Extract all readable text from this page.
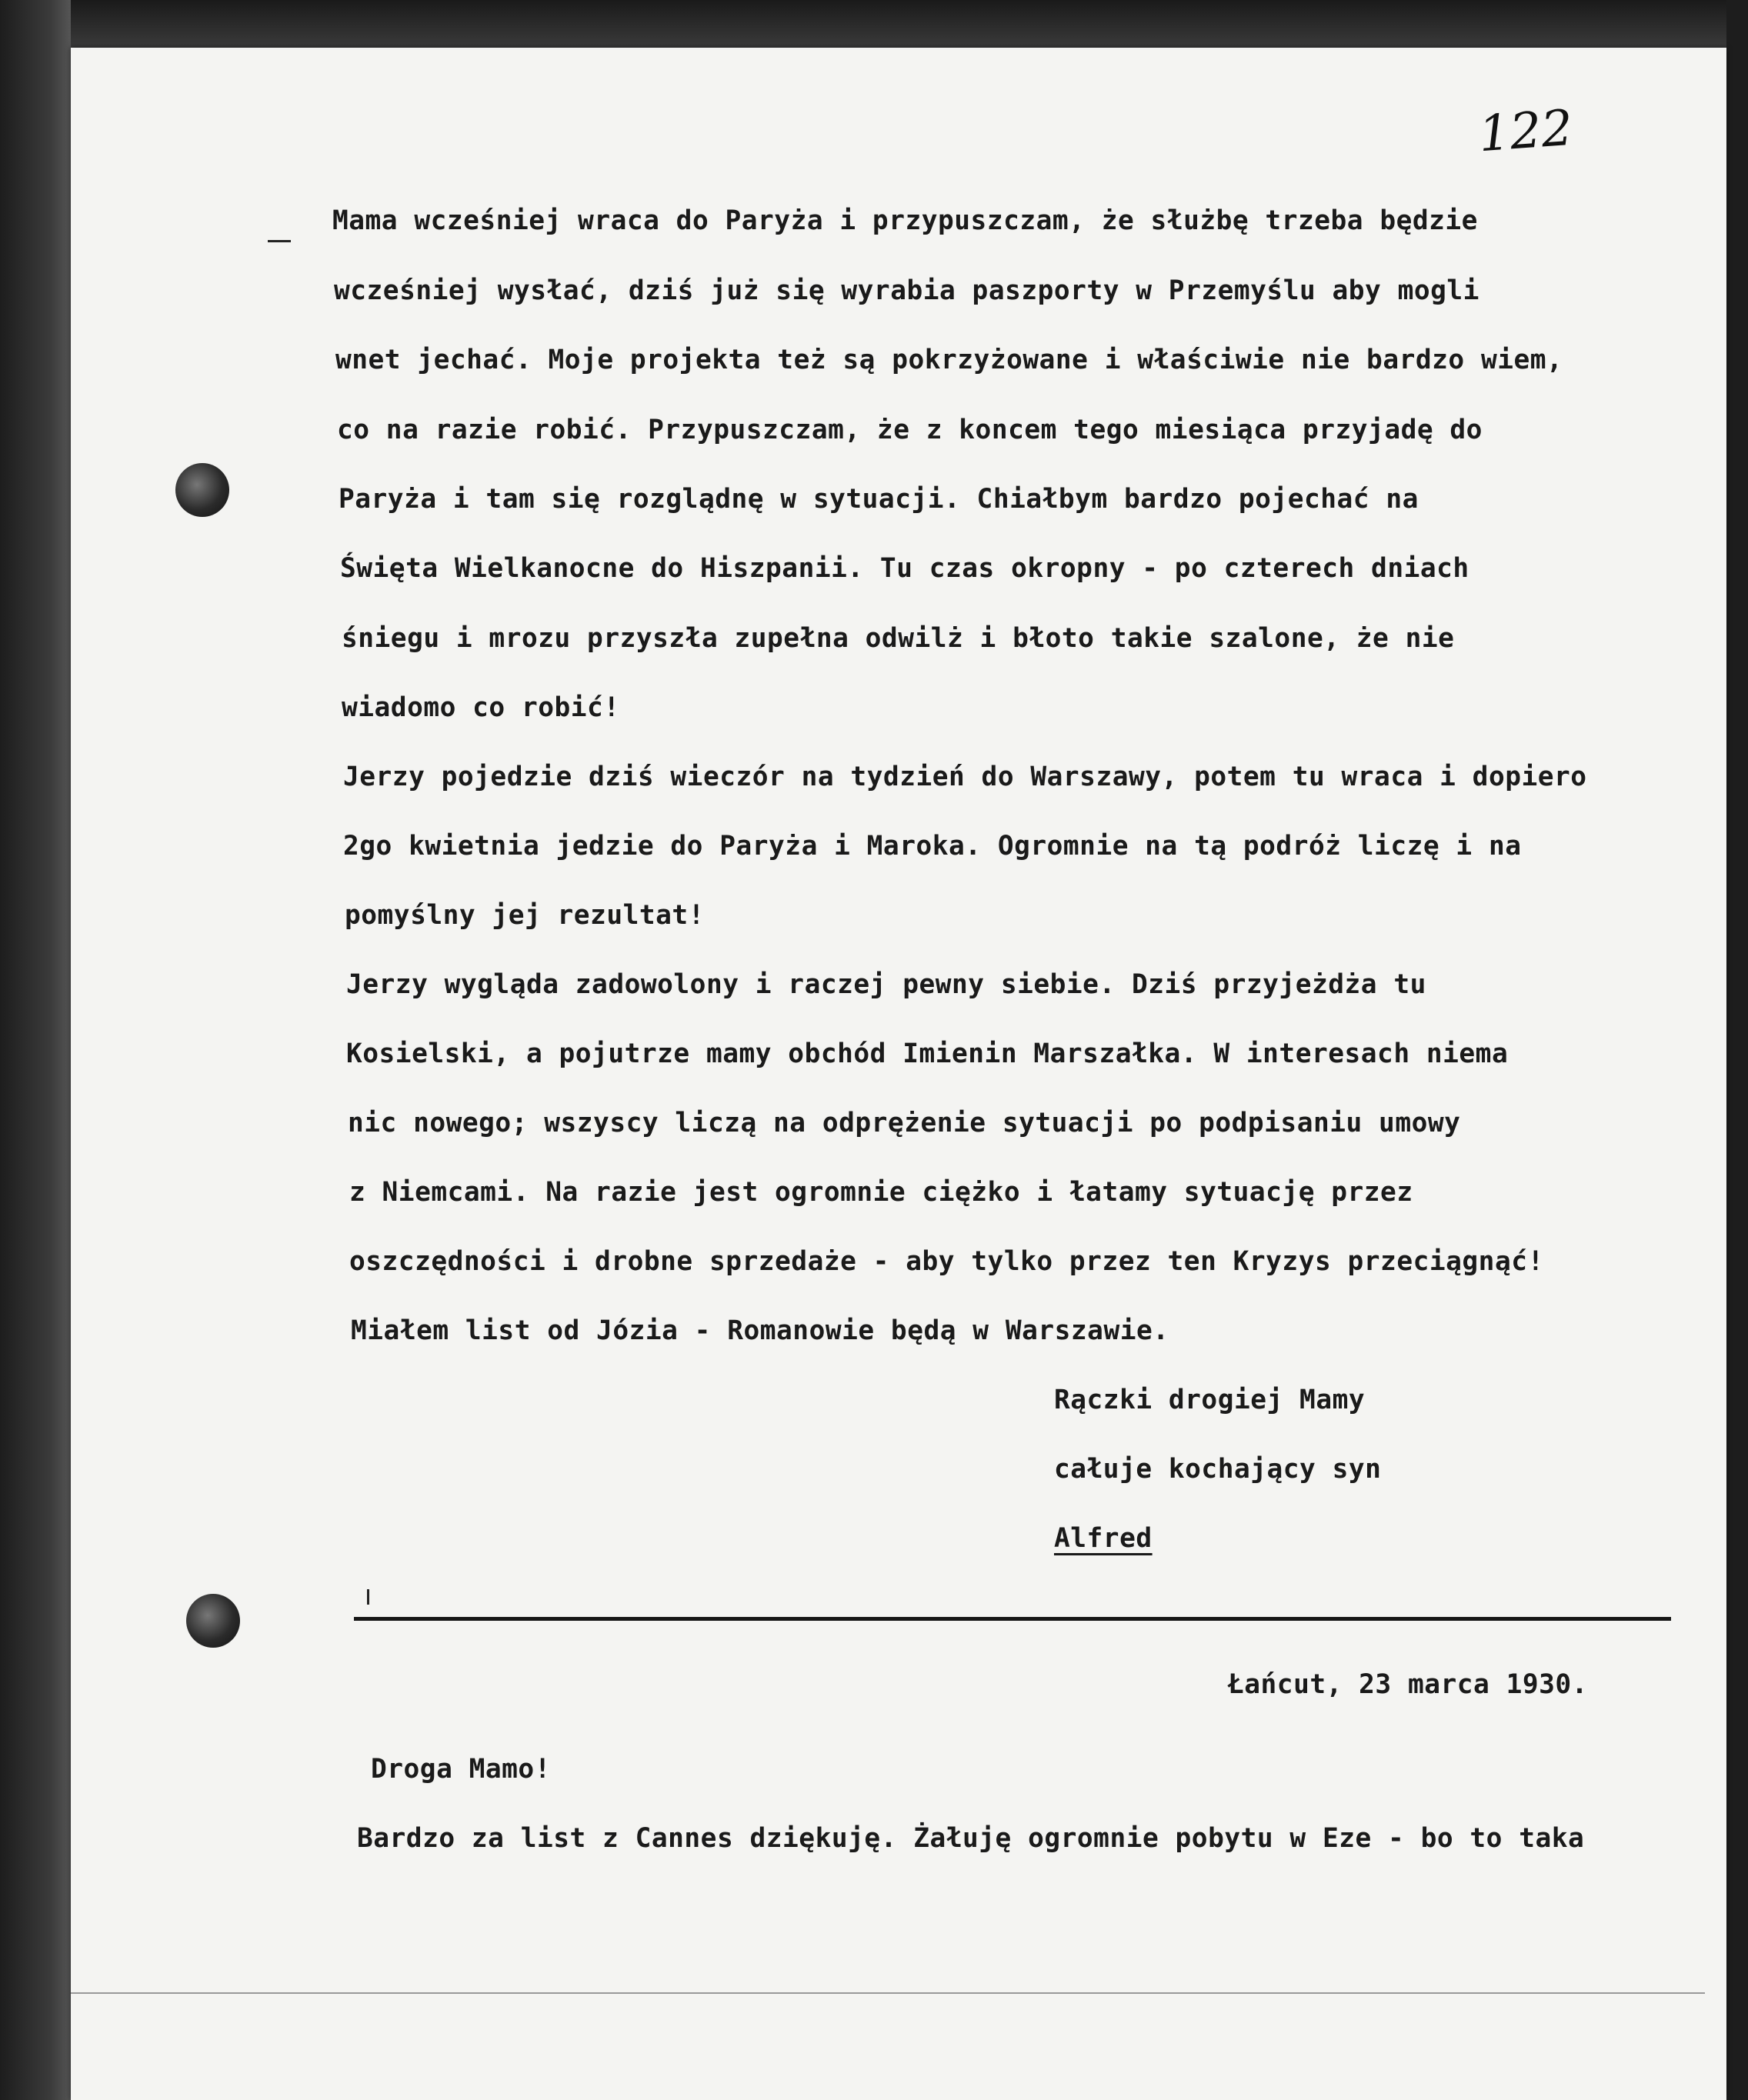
122
Mama wcześniej wraca do Paryża i przypuszczam, że służbę trzeba będzie
wcześniej wysłać, dziś już się wyrabia paszporty w Przemyślu aby mogli
wnet jechać. Moje projekta też są pokrzyżowane i właściwie nie bardzo wiem,
co na razie robić. Przypuszczam, że z koncem tego miesiąca przyjadę do
Paryża i tam się rozglądnę w sytuacji. Chiałbym bardzo pojechać na
Święta Wielkanocne do Hiszpanii. Tu czas okropny - po czterech dniach
śniegu i mrozu przyszła zupełna odwilż i błoto takie szalone, że nie
wiadomo co robić!
Jerzy pojedzie dziś wieczór na tydzień do Warszawy, potem tu wraca i dopiero
2go kwietnia jedzie do Paryża i Maroka. Ogromnie na tą podróż liczę i na
pomyślny jej rezultat!
Jerzy wygląda zadowolony i raczej pewny siebie. Dziś przyjeżdża tu
Kosielski, a pojutrze mamy obchód Imienin Marszałka. W interesach niema
nic nowego; wszyscy liczą na odprężenie sytuacji po podpisaniu umowy
z Niemcami. Na razie jest ogromnie ciężko i łatamy sytuację przez
oszczędności i drobne sprzedaże - aby tylko przez ten Kryzys przeciągnąć!
Miałem list od Józia - Romanowie będą w Warszawie.
Rączki drogiej Mamy
całuje kochający syn
Alfred
Łańcut, 23 marca 1930.
Droga Mamo!
Bardzo za list z Cannes dziękuję. Żałuję ogromnie pobytu w Eze - bo to taka
